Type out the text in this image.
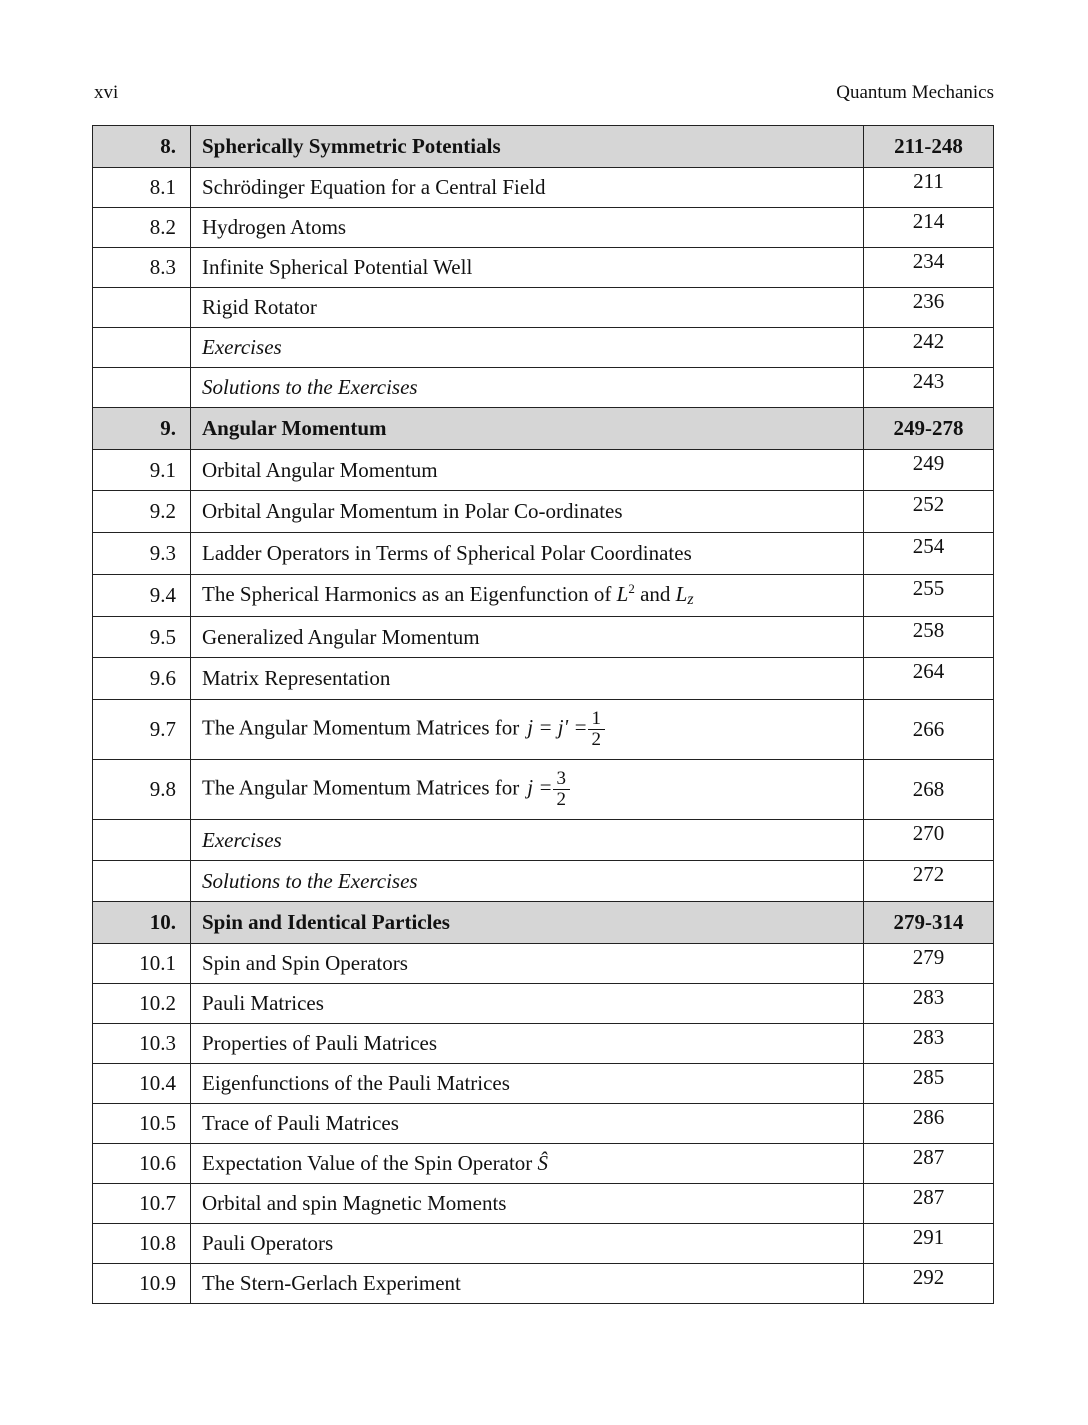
xvi	Quantum Mechanics
8.	Spherically Symmetric Potentials	211-248
8.1	Schrödinger Equation for a Central Field	211
8.2	Hydrogen Atoms	214
8.3	Infinite Spherical Potential Well	234
	Rigid Rotator	236
	Exercises	242
	Solutions to the Exercises	243
9.	Angular Momentum	249-278
9.1	Orbital Angular Momentum	249
9.2	Orbital Angular Momentum in Polar Co-ordinates	252
9.3	Ladder Operators in Terms of Spherical Polar Coordinates	254
9.4	The Spherical Harmonics as an Eigenfunction of $L^2$ and Lz	255
9.5	Generalized Angular Momentum	258
9.6	Matrix Representation	264
9.7	The Angular Momentum Matrices for $j = j' = \frac{1}{2}$	266
9.8	The Angular Momentum Matrices for $j = \frac{3}{2}$	268
	Exercises	270
	Solutions to the Exercises	272
10.	Spin and Identical Particles	279-314
10.1	Spin and Spin Operators	279
10.2	Pauli Matrices	283
10.3	Properties of Pauli Matrices	283
10.4	Eigenfunctions of the Pauli Matrices	285
10.5	Trace of Pauli Matrices	286
10.6	Expectation Value of the Spin Operator Ŝ	287
10.7	Orbital and spin Magnetic Moments	287
10.8	Pauli Operators	291
10.9	The Stern-Gerlach Experiment	292
